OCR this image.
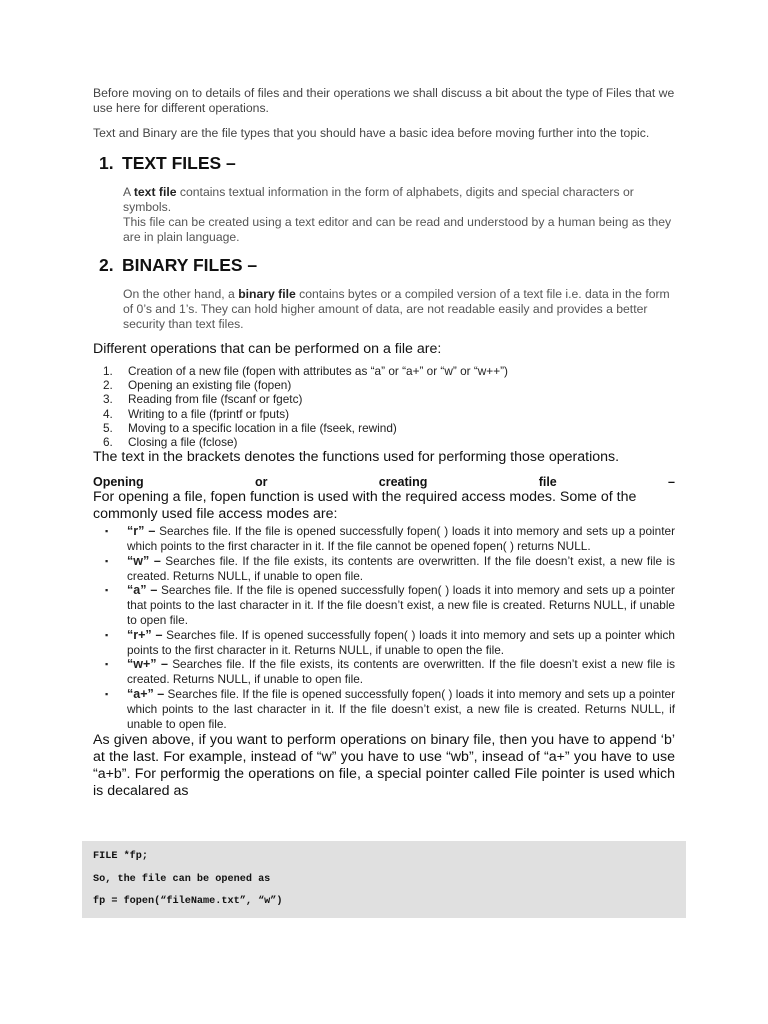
Before moving on to details of files and their operations we shall discuss a bit about the type of Files that we use here for different operations.

Text and Binary are the file types that you should have a basic idea before moving further into the topic.

1. TEXT FILES –
A text file contains textual information in the form of alphabets, digits and special characters or symbols.
This file can be created using a text editor and can be read and understood by a human being as they are in plain language.
2. BINARY FILES –
On the other hand, a binary file contains bytes or a compiled version of a text file i.e. data in the form of 0’s and 1’s. They can hold higher amount of data, are not readable easily and provides a better security than text files.

Different operations that can be performed on a file are:

1.	Creation of a new file (fopen with attributes as “a” or “a+” or “w” or “w++”)
2.	Opening an existing file (fopen)
3.	Reading from file (fscanf or fgetc)
4.	Writing to a file (fprintf or fputs)
5.	Moving to a specific location in a file (fseek, rewind)
6.	Closing a file (fclose)

The text in the brackets denotes the functions used for performing those operations.

Opening	or	creating	file	–

For opening a file, fopen function is used with the required access modes. Some of the commonly used file access modes are:

▪	“r” – Searches file. If the file is opened successfully fopen( ) loads it into memory and sets up a pointer which points to the first character in it. If the file cannot be opened fopen( ) returns NULL.
▪	“w” – Searches file. If the file exists, its contents are overwritten. If the file doesn’t exist, a new file is created. Returns NULL, if unable to open file.
▪	“a” – Searches file. If the file is opened successfully fopen( ) loads it into memory and sets up a pointer that points to the last character in it. If the file doesn’t exist, a new file is created. Returns NULL, if unable to open file.
▪	“r+” – Searches file. If is opened successfully fopen( ) loads it into memory and sets up a pointer which points to the first character in it. Returns NULL, if unable to open the file.
▪	“w+” – Searches file. If the file exists, its contents are overwritten. If the file doesn’t exist a new file is created. Returns NULL, if unable to open file.
▪	“a+” – Searches file. If the file is opened successfully fopen( ) loads it into memory and sets up a pointer which points to the last character in it. If the file doesn’t exist, a new file is created. Returns NULL, if unable to open file.

As given above, if you want to perform operations on binary file, then you have to append ‘b’ at the last. For example, instead of “w” you have to use “wb”, insead of “a+” you have to use “a+b”. For performig the operations on file, a special pointer called File pointer is used which is decalared as

FILE *fp;
So, the file can be opened as
fp = fopen(“fileName.txt”, “w”)
